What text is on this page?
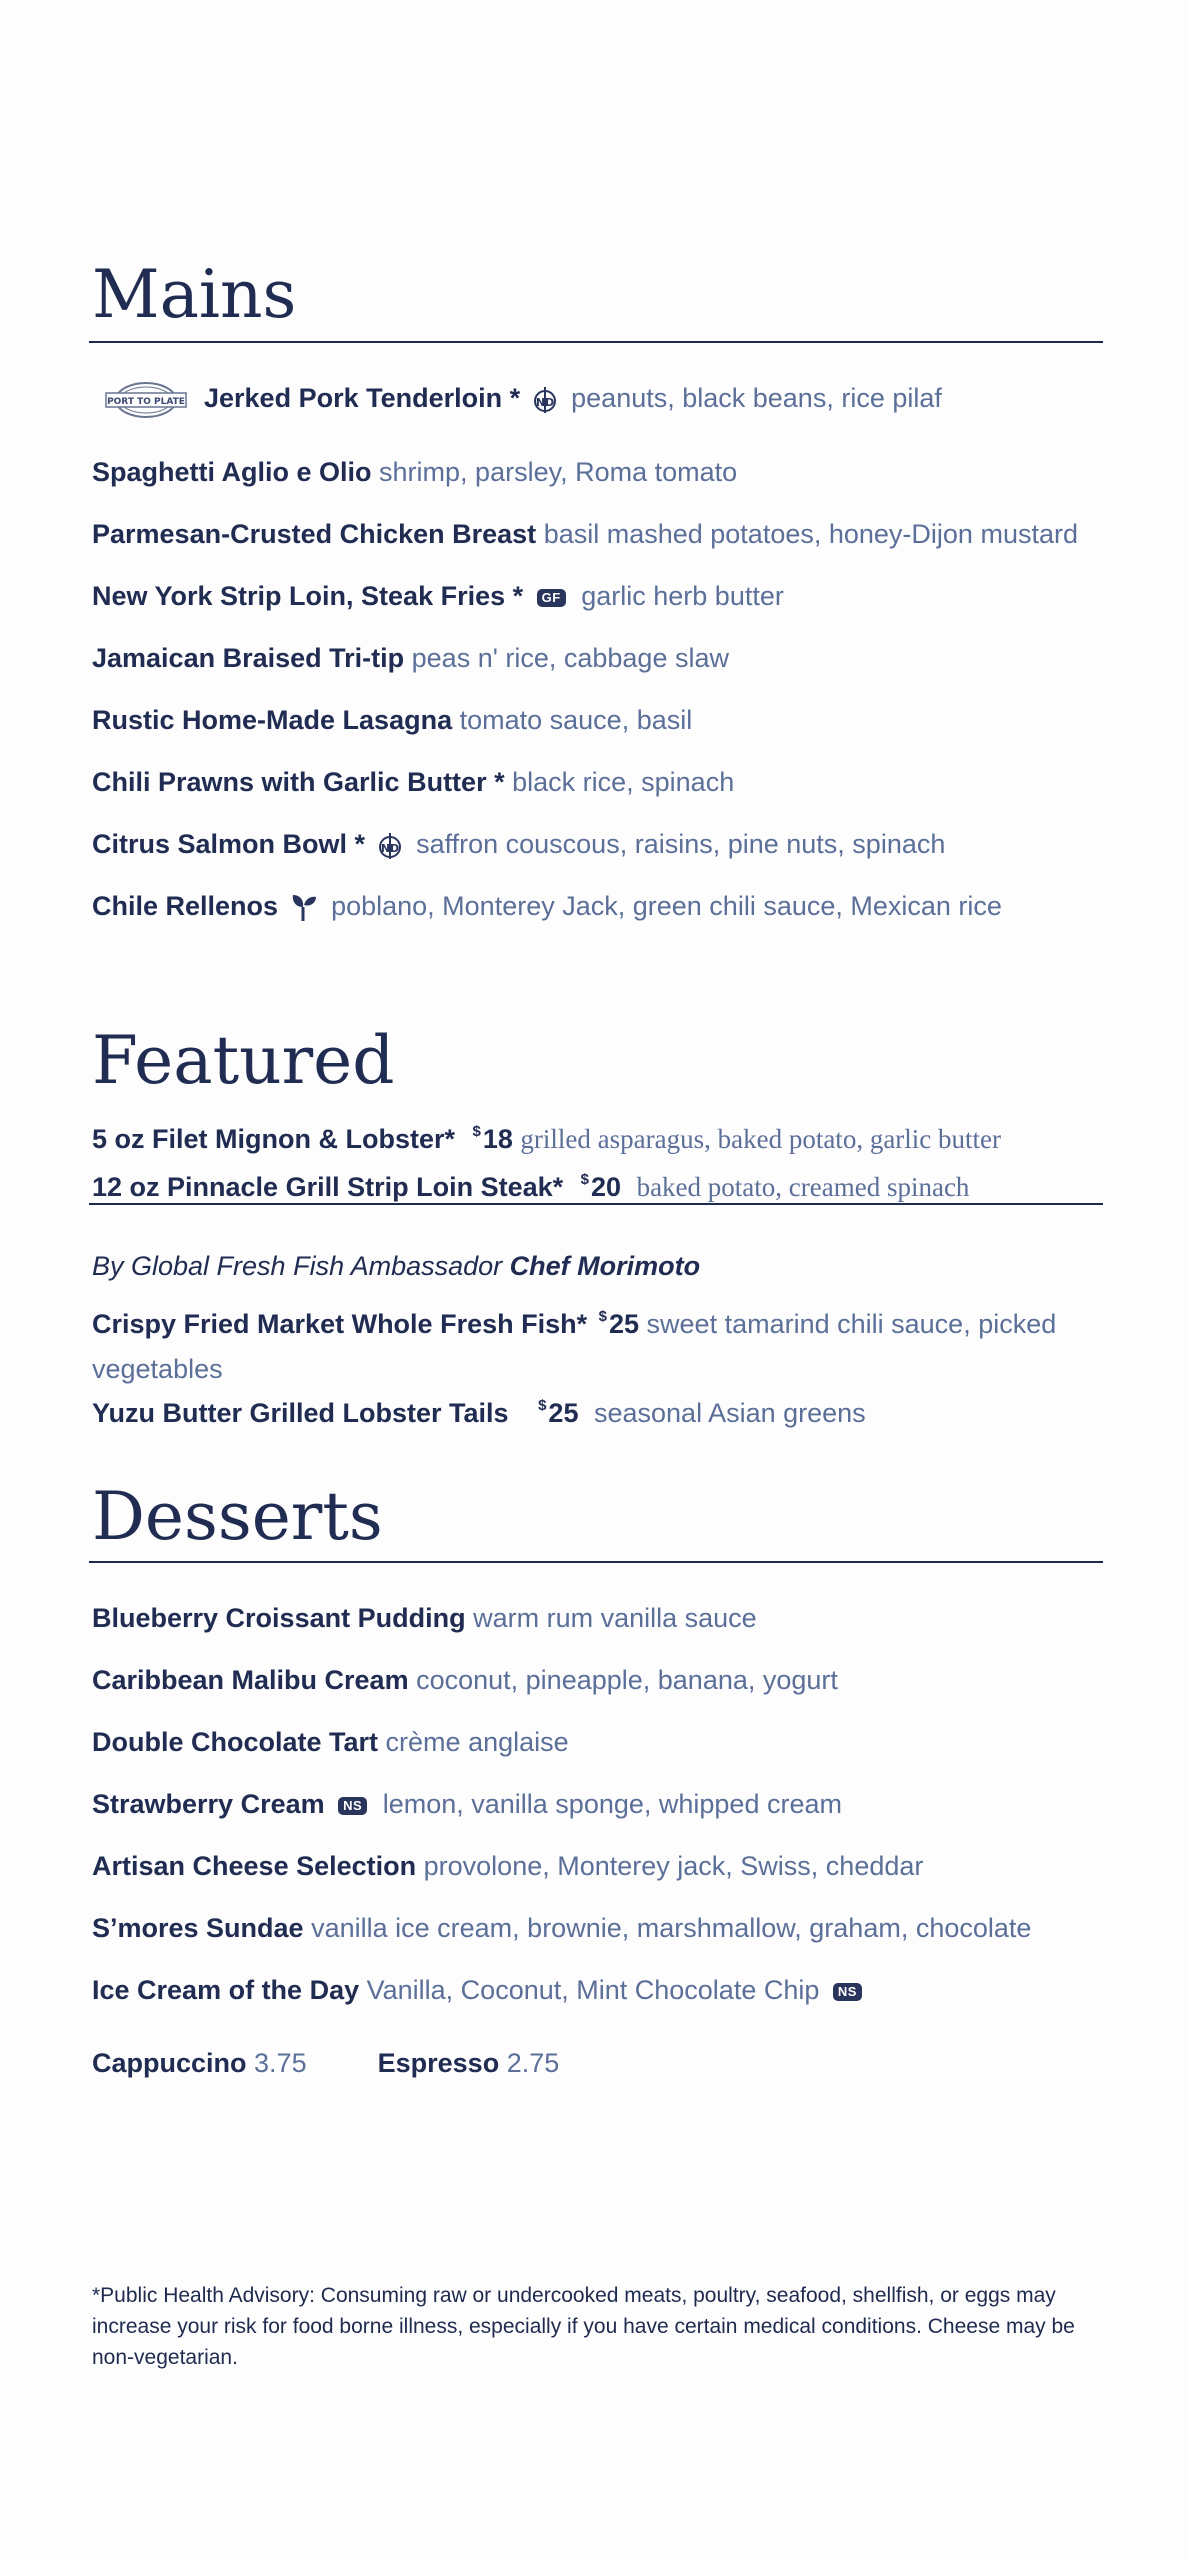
Mains
PORT TO PLATE Jerked Pork Tenderloin * ND peanuts, black beans, rice pilaf
Spaghetti Aglio e Olio shrimp, parsley, Roma tomato
Parmesan-Crusted Chicken Breast basil mashed potatoes, honey-Dijon mustard
New York Strip Loin, Steak Fries * GF garlic herb butter
Jamaican Braised Tri-tip peas n' rice, cabbage slaw
Rustic Home-Made Lasagna tomato sauce, basil
Chili Prawns with Garlic Butter * black rice, spinach
Citrus Salmon Bowl * ND saffron couscous, raisins, pine nuts, spinach
Chile Rellenos poblano, Monterey Jack, green chili sauce, Mexican rice
Featured
5 oz Filet Mignon & Lobster* $18 grilled asparagus, baked potato, garlic butter
12 oz Pinnacle Grill Strip Loin Steak* $20 baked potato, creamed spinach
By Global Fresh Fish Ambassador Chef Morimoto
Crispy Fried Market Whole Fresh Fish* $25 sweet tamarind chili sauce, picked vegetables
Yuzu Butter Grilled Lobster Tails $25 seasonal Asian greens
Desserts
Blueberry Croissant Pudding warm rum vanilla sauce
Caribbean Malibu Cream coconut, pineapple, banana, yogurt
Double Chocolate Tart crème anglaise
Strawberry Cream NS lemon, vanilla sponge, whipped cream
Artisan Cheese Selection provolone, Monterey jack, Swiss, cheddar
S’mores Sundae vanilla ice cream, brownie, marshmallow, graham, chocolate
Ice Cream of the Day Vanilla, Coconut, Mint Chocolate Chip NS
Cappuccino 3.75	Espresso 2.75
*Public Health Advisory: Consuming raw or undercooked meats, poultry, seafood, shellfish, or eggs may increase your risk for food borne illness, especially if you have certain medical conditions. Cheese may be non-vegetarian.
